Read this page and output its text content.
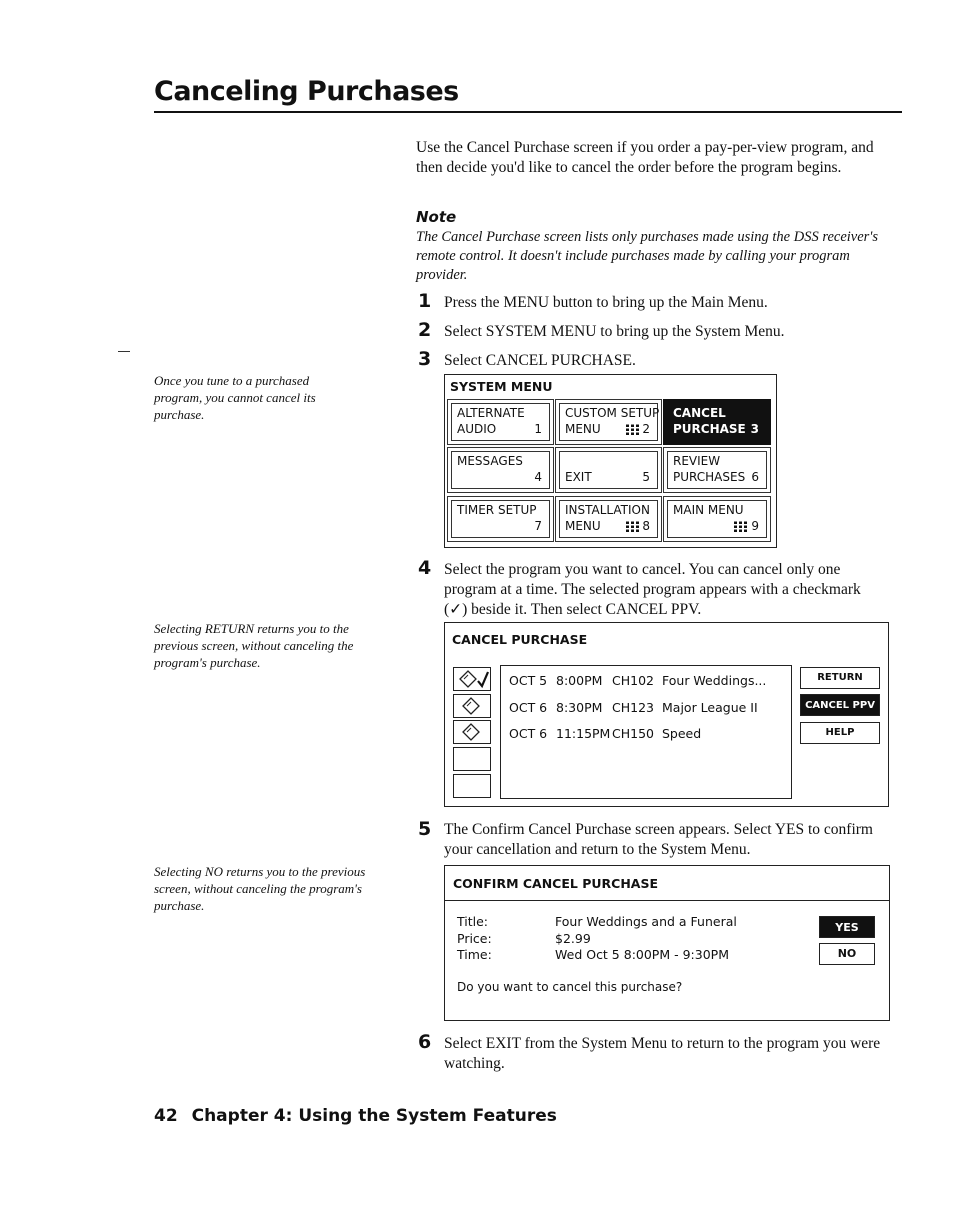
Canceling Purchases
Use the Cancel Purchase screen if you order a pay-per-view program, and then decide you'd like to cancel the order before the program begins.
Note
The Cancel Purchase screen lists only purchases made using the DSS receiver's remote control. It doesn't include purchases made by calling your program provider.
Once you tune to a purchased program, you cannot cancel its purchase.
Selecting RETURN returns you to the previous screen, without canceling the program's purchase.
Selecting NO returns you to the previous screen, without canceling the program's purchase.
1 Press the MENU button to bring up the Main Menu.
2 Select SYSTEM MENU to bring up the System Menu.
3 Select CANCEL PURCHASE.
SYSTEM MENU
ALTERNATE
AUDIO	1
CUSTOM SETUP
MENU	2
CANCEL
PURCHASE 3
MESSAGES
4 EXIT	5
REVIEW
PURCHASES 6
TIMER SETUP
7
INSTALLATION
MENU	8
MAIN MENU
9
4 Select the program you want to cancel. You can cancel only one program at a time. The selected program appears with a checkmark (✓) beside it. Then select CANCEL PPV.
CANCEL PURCHASE
OCT 5 8:00PM CH102 Four Weddings...
OCT 6 8:30PM CH123 Major League II
OCT 6 11:15PM CH150 Speed
RETURN
CANCEL PPV
HELP
5 The Confirm Cancel Purchase screen appears. Select YES to confirm your cancellation and return to the System Menu.
CONFIRM CANCEL PURCHASE
Title:	Four Weddings and a Funeral
Price:	$2.99
Time:	Wed Oct 5 8:00PM - 9:30PM
Do you want to cancel this purchase?
YES
NO
6 Select EXIT from the System Menu to return to the program you were watching.
42 Chapter 4: Using the System Features
